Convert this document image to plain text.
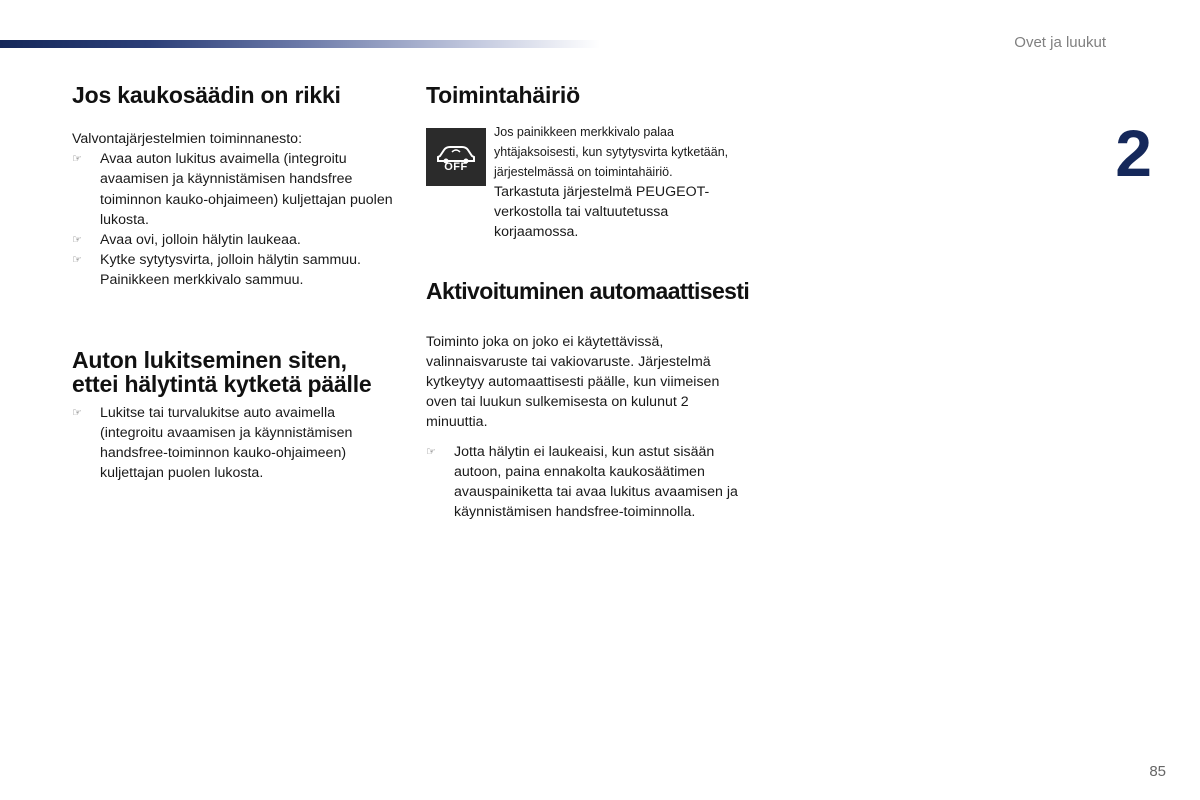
Ovet ja luukut
2
85
Jos kaukosäädin on rikki

Valvontajärjestelmien toiminnanesto:

☞ Avaa auton lukitus avaimella (integroitu avaamisen ja käynnistämisen handsfree toiminnon kauko-ohjaimeen) kuljettajan puolen lukosta.
☞ Avaa ovi, jolloin hälytin laukeaa.
☞ Kytke sytytysvirta, jolloin hälytin sammuu. Painikkeen merkkivalo sammuu.
Auton lukitseminen siten,
ettei hälytintä kytketä päälle
☞ Lukitse tai turvalukitse auto avaimella (integroitu avaamisen ja käynnistämisen handsfree-toiminnon kauko-ohjaimeen) kuljettajan puolen lukosta.
Toimintahäiriö
OFF

Jos painikkeen merkkivalo palaa

yhtäjaksoisesti, kun sytytysvirta kytketään,

järjestelmässä on toimintahäiriö.

Tarkastuta järjestelmä PEUGEOT-

verkostolla tai valtuutetussa

korjaamossa.

Aktivoituminen automaattisesti

Toiminto joka on joko ei käytettävissä, valinnaisvaruste tai vakiovaruste. Järjestelmä kytkeytyy automaattisesti päälle, kun viimeisen oven tai luukun sulkemisesta on kulunut 2 minuuttia.

☞ Jotta hälytin ei laukeaisi, kun astut sisään autoon, paina ennakolta kaukosäätimen avauspainiketta tai avaa lukitus avaamisen ja käynnistämisen handsfree-toiminnolla.
